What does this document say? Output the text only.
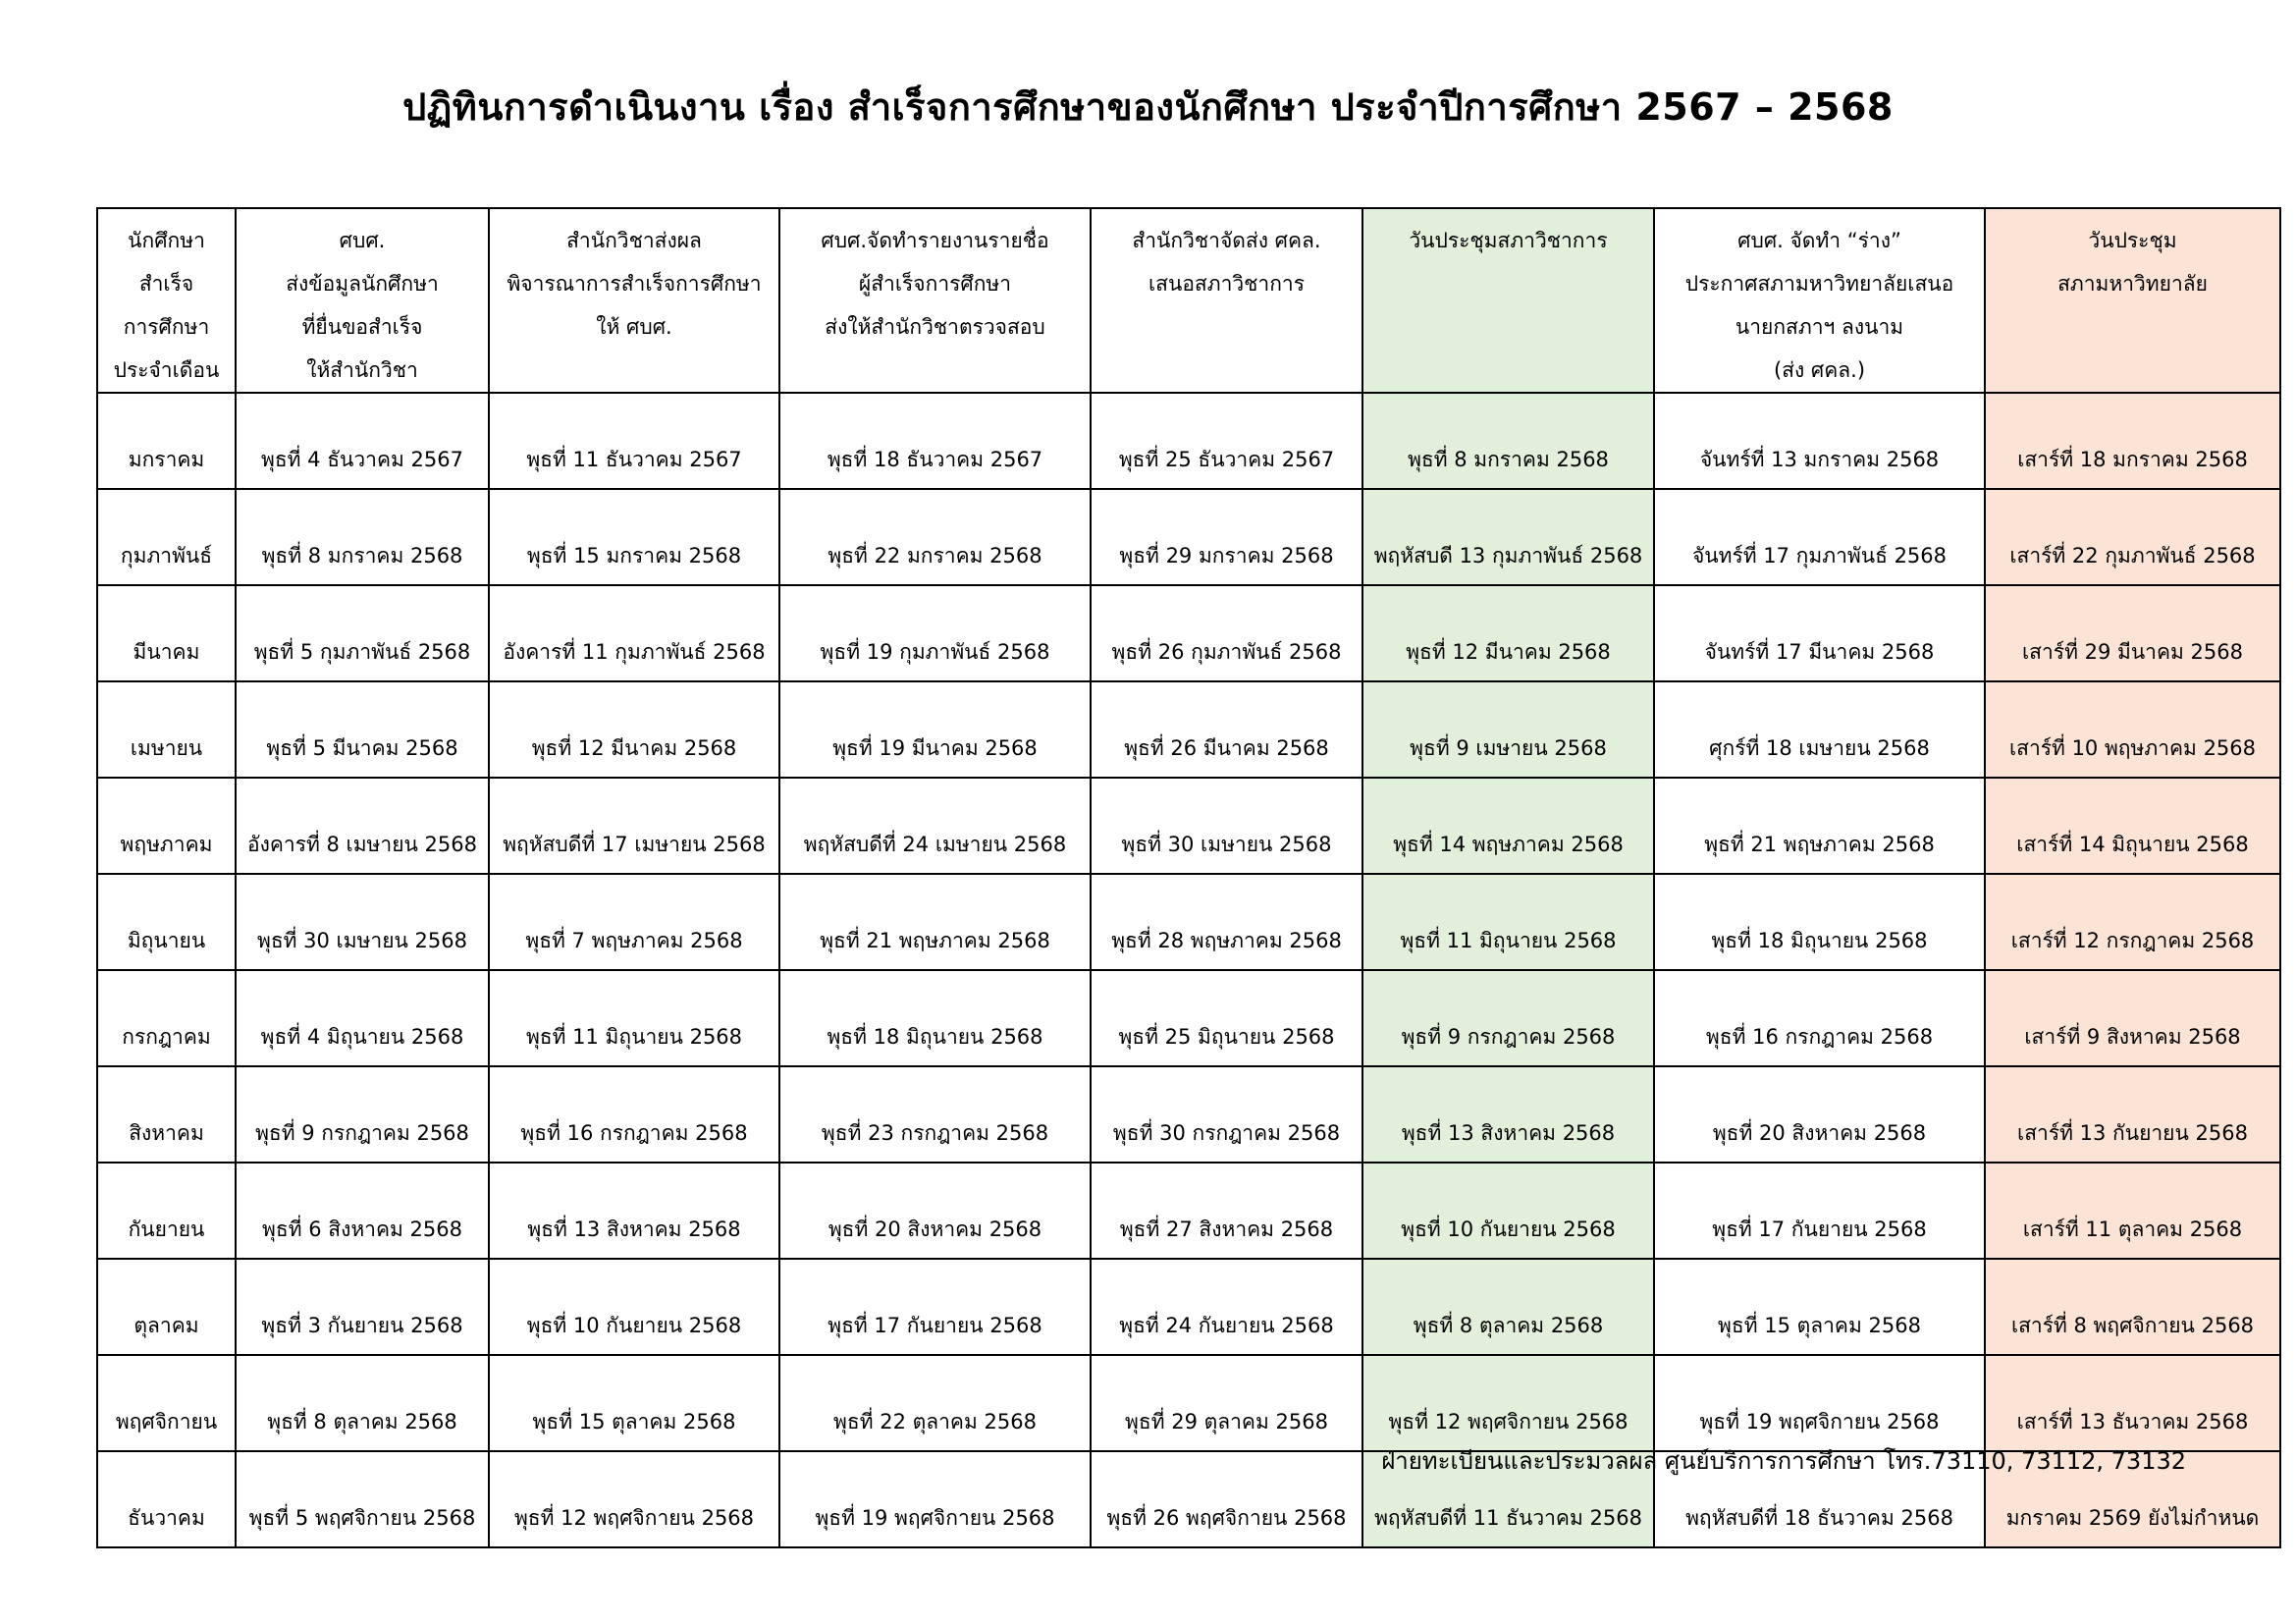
ปฏิทินการดำเนินงาน เรื่อง สำเร็จการศึกษาของนักศึกษา ประจำปีการศึกษา 2567 – 2568
นักศึกษา
สำเร็จ
การศึกษา
ประจำเดือน	ศบศ.
ส่งข้อมูลนักศึกษา
ที่ยื่นขอสำเร็จ
ให้สำนักวิชา	สำนักวิชาส่งผล
พิจารณาการสำเร็จการศึกษา
ให้ ศบศ.	ศบศ.จัดทำรายงานรายชื่อ
ผู้สำเร็จการศึกษา
ส่งให้สำนักวิชาตรวจสอบ	สำนักวิชาจัดส่ง ศคล.
เสนอสภาวิชาการ	วันประชุมสภาวิชาการ	ศบศ. จัดทำ “ร่าง”
ประกาศสภามหาวิทยาลัยเสนอ
นายกสภาฯ ลงนาม
(ส่ง ศคล.)	วันประชุม
สภามหาวิทยาลัย

มกราคม	พุธที่ 4 ธันวาคม 2567	พุธที่ 11 ธันวาคม 2567	พุธที่ 18 ธันวาคม 2567	พุธที่ 25 ธันวาคม 2567	พุธที่ 8 มกราคม 2568	จันทร์ที่ 13 มกราคม 2568	เสาร์ที่ 18 มกราคม 2568
กุมภาพันธ์	พุธที่ 8 มกราคม 2568	พุธที่ 15 มกราคม 2568	พุธที่ 22 มกราคม 2568	พุธที่ 29 มกราคม 2568	พฤหัสบดี 13 กุมภาพันธ์ 2568	จันทร์ที่ 17 กุมภาพันธ์ 2568	เสาร์ที่ 22 กุมภาพันธ์ 2568
มีนาคม	พุธที่ 5 กุมภาพันธ์ 2568	อังคารที่ 11 กุมภาพันธ์ 2568	พุธที่ 19 กุมภาพันธ์ 2568	พุธที่ 26 กุมภาพันธ์ 2568	พุธที่ 12 มีนาคม 2568	จันทร์ที่ 17 มีนาคม 2568	เสาร์ที่ 29 มีนาคม 2568
เมษายน	พุธที่ 5 มีนาคม 2568	พุธที่ 12 มีนาคม 2568	พุธที่ 19 มีนาคม 2568	พุธที่ 26 มีนาคม 2568	พุธที่ 9 เมษายน 2568	ศุกร์ที่ 18 เมษายน 2568	เสาร์ที่ 10 พฤษภาคม 2568
พฤษภาคม	อังคารที่ 8 เมษายน 2568	พฤหัสบดีที่ 17 เมษายน 2568	พฤหัสบดีที่ 24 เมษายน 2568	พุธที่ 30 เมษายน 2568	พุธที่ 14 พฤษภาคม 2568	พุธที่ 21 พฤษภาคม 2568	เสาร์ที่ 14 มิถุนายน 2568
มิถุนายน	พุธที่ 30 เมษายน 2568	พุธที่ 7 พฤษภาคม 2568	พุธที่ 21 พฤษภาคม 2568	พุธที่ 28 พฤษภาคม 2568	พุธที่ 11 มิถุนายน 2568	พุธที่ 18 มิถุนายน 2568	เสาร์ที่ 12 กรกฎาคม 2568
กรกฎาคม	พุธที่ 4 มิถุนายน 2568	พุธที่ 11 มิถุนายน 2568	พุธที่ 18 มิถุนายน 2568	พุธที่ 25 มิถุนายน 2568	พุธที่ 9 กรกฎาคม 2568	พุธที่ 16 กรกฎาคม 2568	เสาร์ที่ 9 สิงหาคม 2568
สิงหาคม	พุธที่ 9 กรกฎาคม 2568	พุธที่ 16 กรกฎาคม 2568	พุธที่ 23 กรกฎาคม 2568	พุธที่ 30 กรกฎาคม 2568	พุธที่ 13 สิงหาคม 2568	พุธที่ 20 สิงหาคม 2568	เสาร์ที่ 13 กันยายน 2568
กันยายน	พุธที่ 6 สิงหาคม 2568	พุธที่ 13 สิงหาคม 2568	พุธที่ 20 สิงหาคม 2568	พุธที่ 27 สิงหาคม 2568	พุธที่ 10 กันยายน 2568	พุธที่ 17 กันยายน 2568	เสาร์ที่ 11 ตุลาคม 2568
ตุลาคม	พุธที่ 3 กันยายน 2568	พุธที่ 10 กันยายน 2568	พุธที่ 17 กันยายน 2568	พุธที่ 24 กันยายน 2568	พุธที่ 8 ตุลาคม 2568	พุธที่ 15 ตุลาคม 2568	เสาร์ที่ 8 พฤศจิกายน 2568
พฤศจิกายน	พุธที่ 8 ตุลาคม 2568	พุธที่ 15 ตุลาคม 2568	พุธที่ 22 ตุลาคม 2568	พุธที่ 29 ตุลาคม 2568	พุธที่ 12 พฤศจิกายน 2568	พุธที่ 19 พฤศจิกายน 2568	เสาร์ที่ 13 ธันวาคม 2568
ธันวาคม	พุธที่ 5 พฤศจิกายน 2568	พุธที่ 12 พฤศจิกายน 2568	พุธที่ 19 พฤศจิกายน 2568	พุธที่ 26 พฤศจิกายน 2568	พฤหัสบดีที่ 11 ธันวาคม 2568	พฤหัสบดีที่ 18 ธันวาคม 2568	มกราคม 2569 ยังไม่กำหนด
ฝ่ายทะเบียนและประมวลผล ศูนย์บริการการศึกษา โทร.73110, 73112, 73132
